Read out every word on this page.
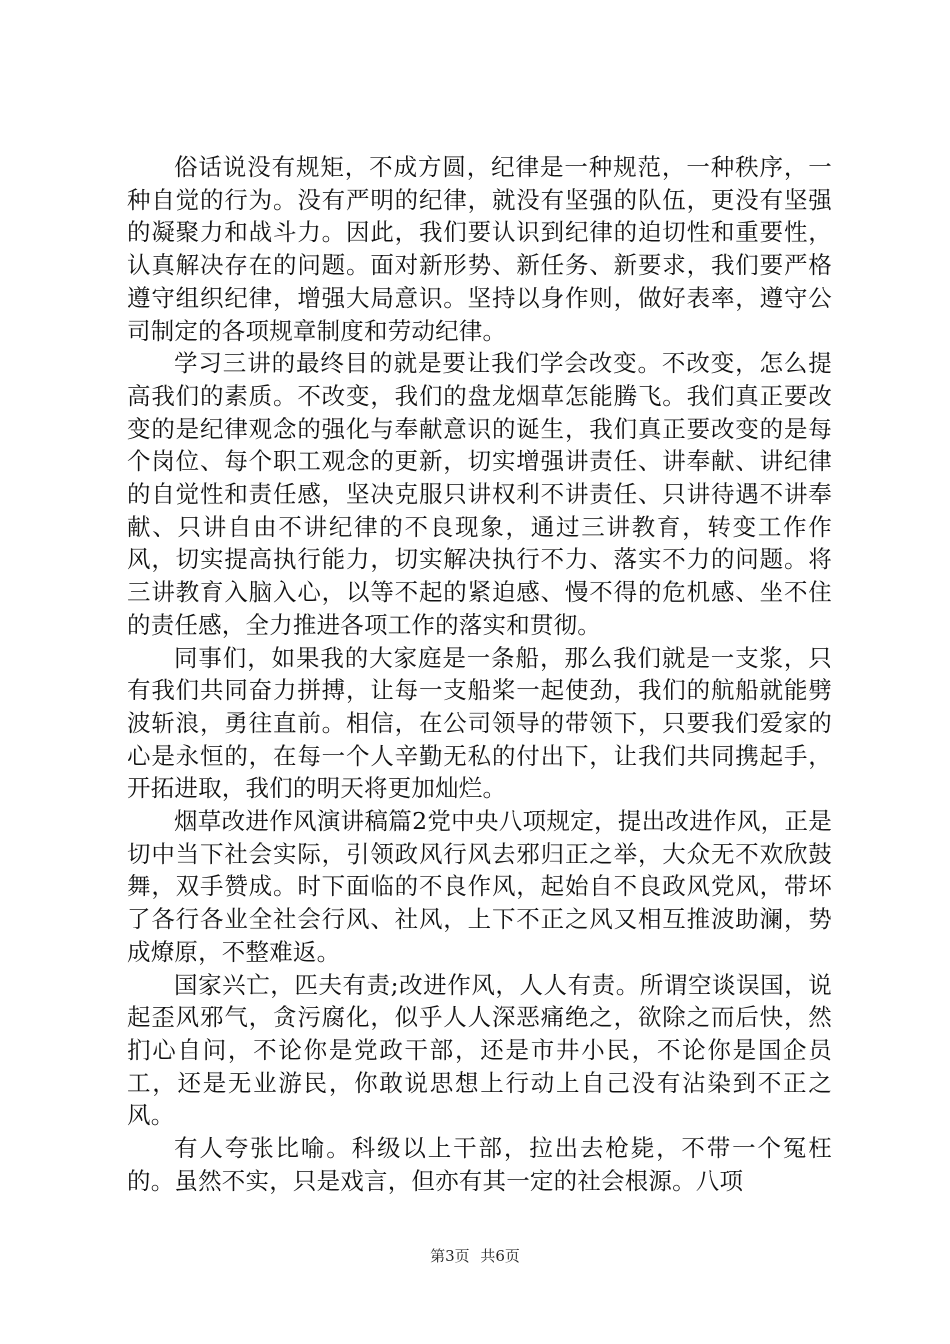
俗话说没有规矩，不成方圆，纪律是一种规范，一种秩序，一种自觉的行为。没有严明的纪律，就没有坚强的队伍，更没有坚强的凝聚力和战斗力。因此，我们要认识到纪律的迫切性和重要性，认真解决存在的问题。面对新形势、新任务、新要求，我们要严格遵守组织纪律，增强大局意识。坚持以身作则，做好表率，遵守公司制定的各项规章制度和劳动纪律。

学习三讲的最终目的就是要让我们学会改变。不改变，怎么提高我们的素质。不改变，我们的盘龙烟草怎能腾飞。我们真正要改变的是纪律观念的强化与奉献意识的诞生，我们真正要改变的是每个岗位、每个职工观念的更新，切实增强讲责任、讲奉献、讲纪律的自觉性和责任感，坚决克服只讲权利不讲责任、只讲待遇不讲奉献、只讲自由不讲纪律的不良现象，通过三讲教育，转变工作作风，切实提高执行能力，切实解决执行不力、落实不力的问题。将三讲教育入脑入心，以等不起的紧迫感、慢不得的危机感、坐不住的责任感，全力推进各项工作的落实和贯彻。

同事们，如果我的大家庭是一条船，那么我们就是一支浆，只有我们共同奋力拼搏，让每一支船桨一起使劲，我们的航船就能劈波斩浪，勇往直前。相信，在公司领导的带领下，只要我们爱家的心是永恒的，在每一个人辛勤无私的付出下，让我们共同携起手，开拓进取，我们的明天将更加灿烂。

烟草改进作风演讲稿篇2党中央八项规定，提出改进作风，正是切中当下社会实际，引领政风行风去邪归正之举，大众无不欢欣鼓舞，双手赞成。时下面临的不良作风，起始自不良政风党风，带坏了各行各业全社会行风、社风，上下不正之风又相互推波助澜，势成燎原，不整难返。

国家兴亡，匹夫有责;改进作风，人人有责。所谓空谈误国，说起歪风邪气，贪污腐化，似乎人人深恶痛绝之，欲除之而后快，然扪心自问，不论你是党政干部，还是市井小民，不论你是国企员工，还是无业游民，你敢说思想上行动上自己没有沾染到不正之风。

有人夸张比喻。科级以上干部，拉出去枪毙，不带一个冤枉的。虽然不实，只是戏言，但亦有其一定的社会根源。八项

第3页 共6页
